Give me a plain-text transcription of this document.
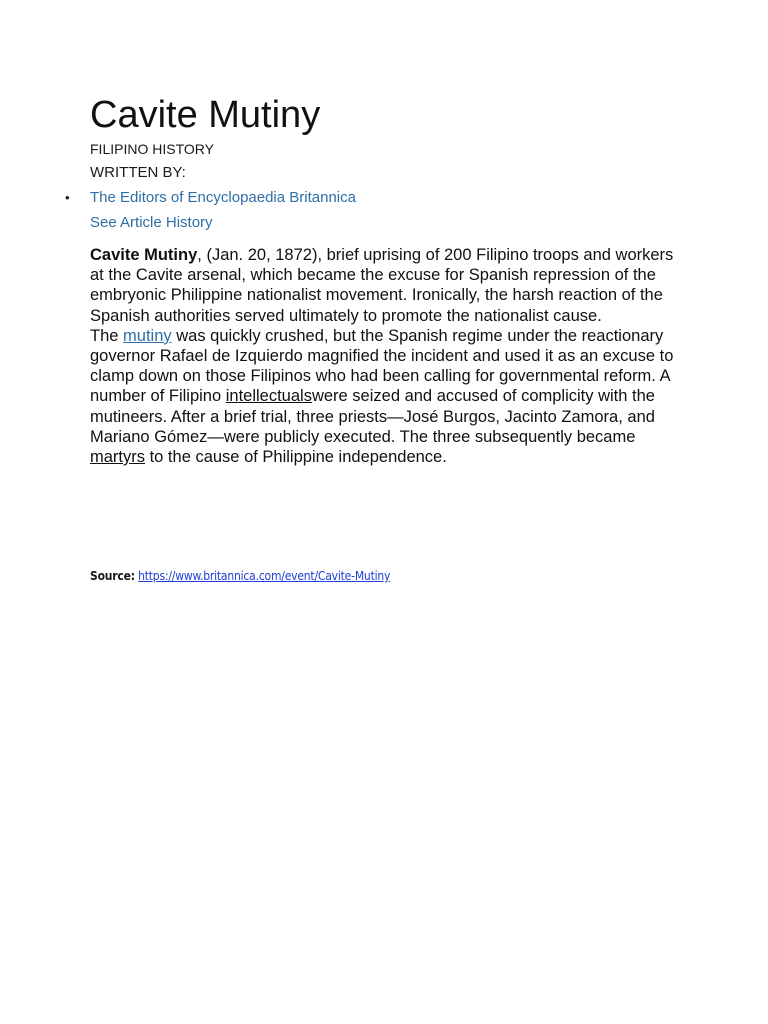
Cavite Mutiny
FILIPINO HISTORY
WRITTEN BY:
• The Editors of Encyclopaedia Britannica
See Article History

Cavite Mutiny, (Jan. 20, 1872), brief uprising of 200 Filipino troops and workers at the Cavite arsenal, which became the excuse for Spanish repression of the embryonic Philippine nationalist movement. Ironically, the harsh reaction of the Spanish authorities served ultimately to promote the nationalist cause.

The mutiny was quickly crushed, but the Spanish regime under the reactionary governor Rafael de Izquierdo magnified the incident and used it as an excuse to clamp down on those Filipinos who had been calling for governmental reform. A number of Filipino intellectualswere seized and accused of complicity with the mutineers. After a brief trial, three priests—José Burgos, Jacinto Zamora, and Mariano Gómez—were publicly executed. The three subsequently became martyrs to the cause of Philippine independence.

Source: https://www.britannica.com/event/Cavite-Mutiny
